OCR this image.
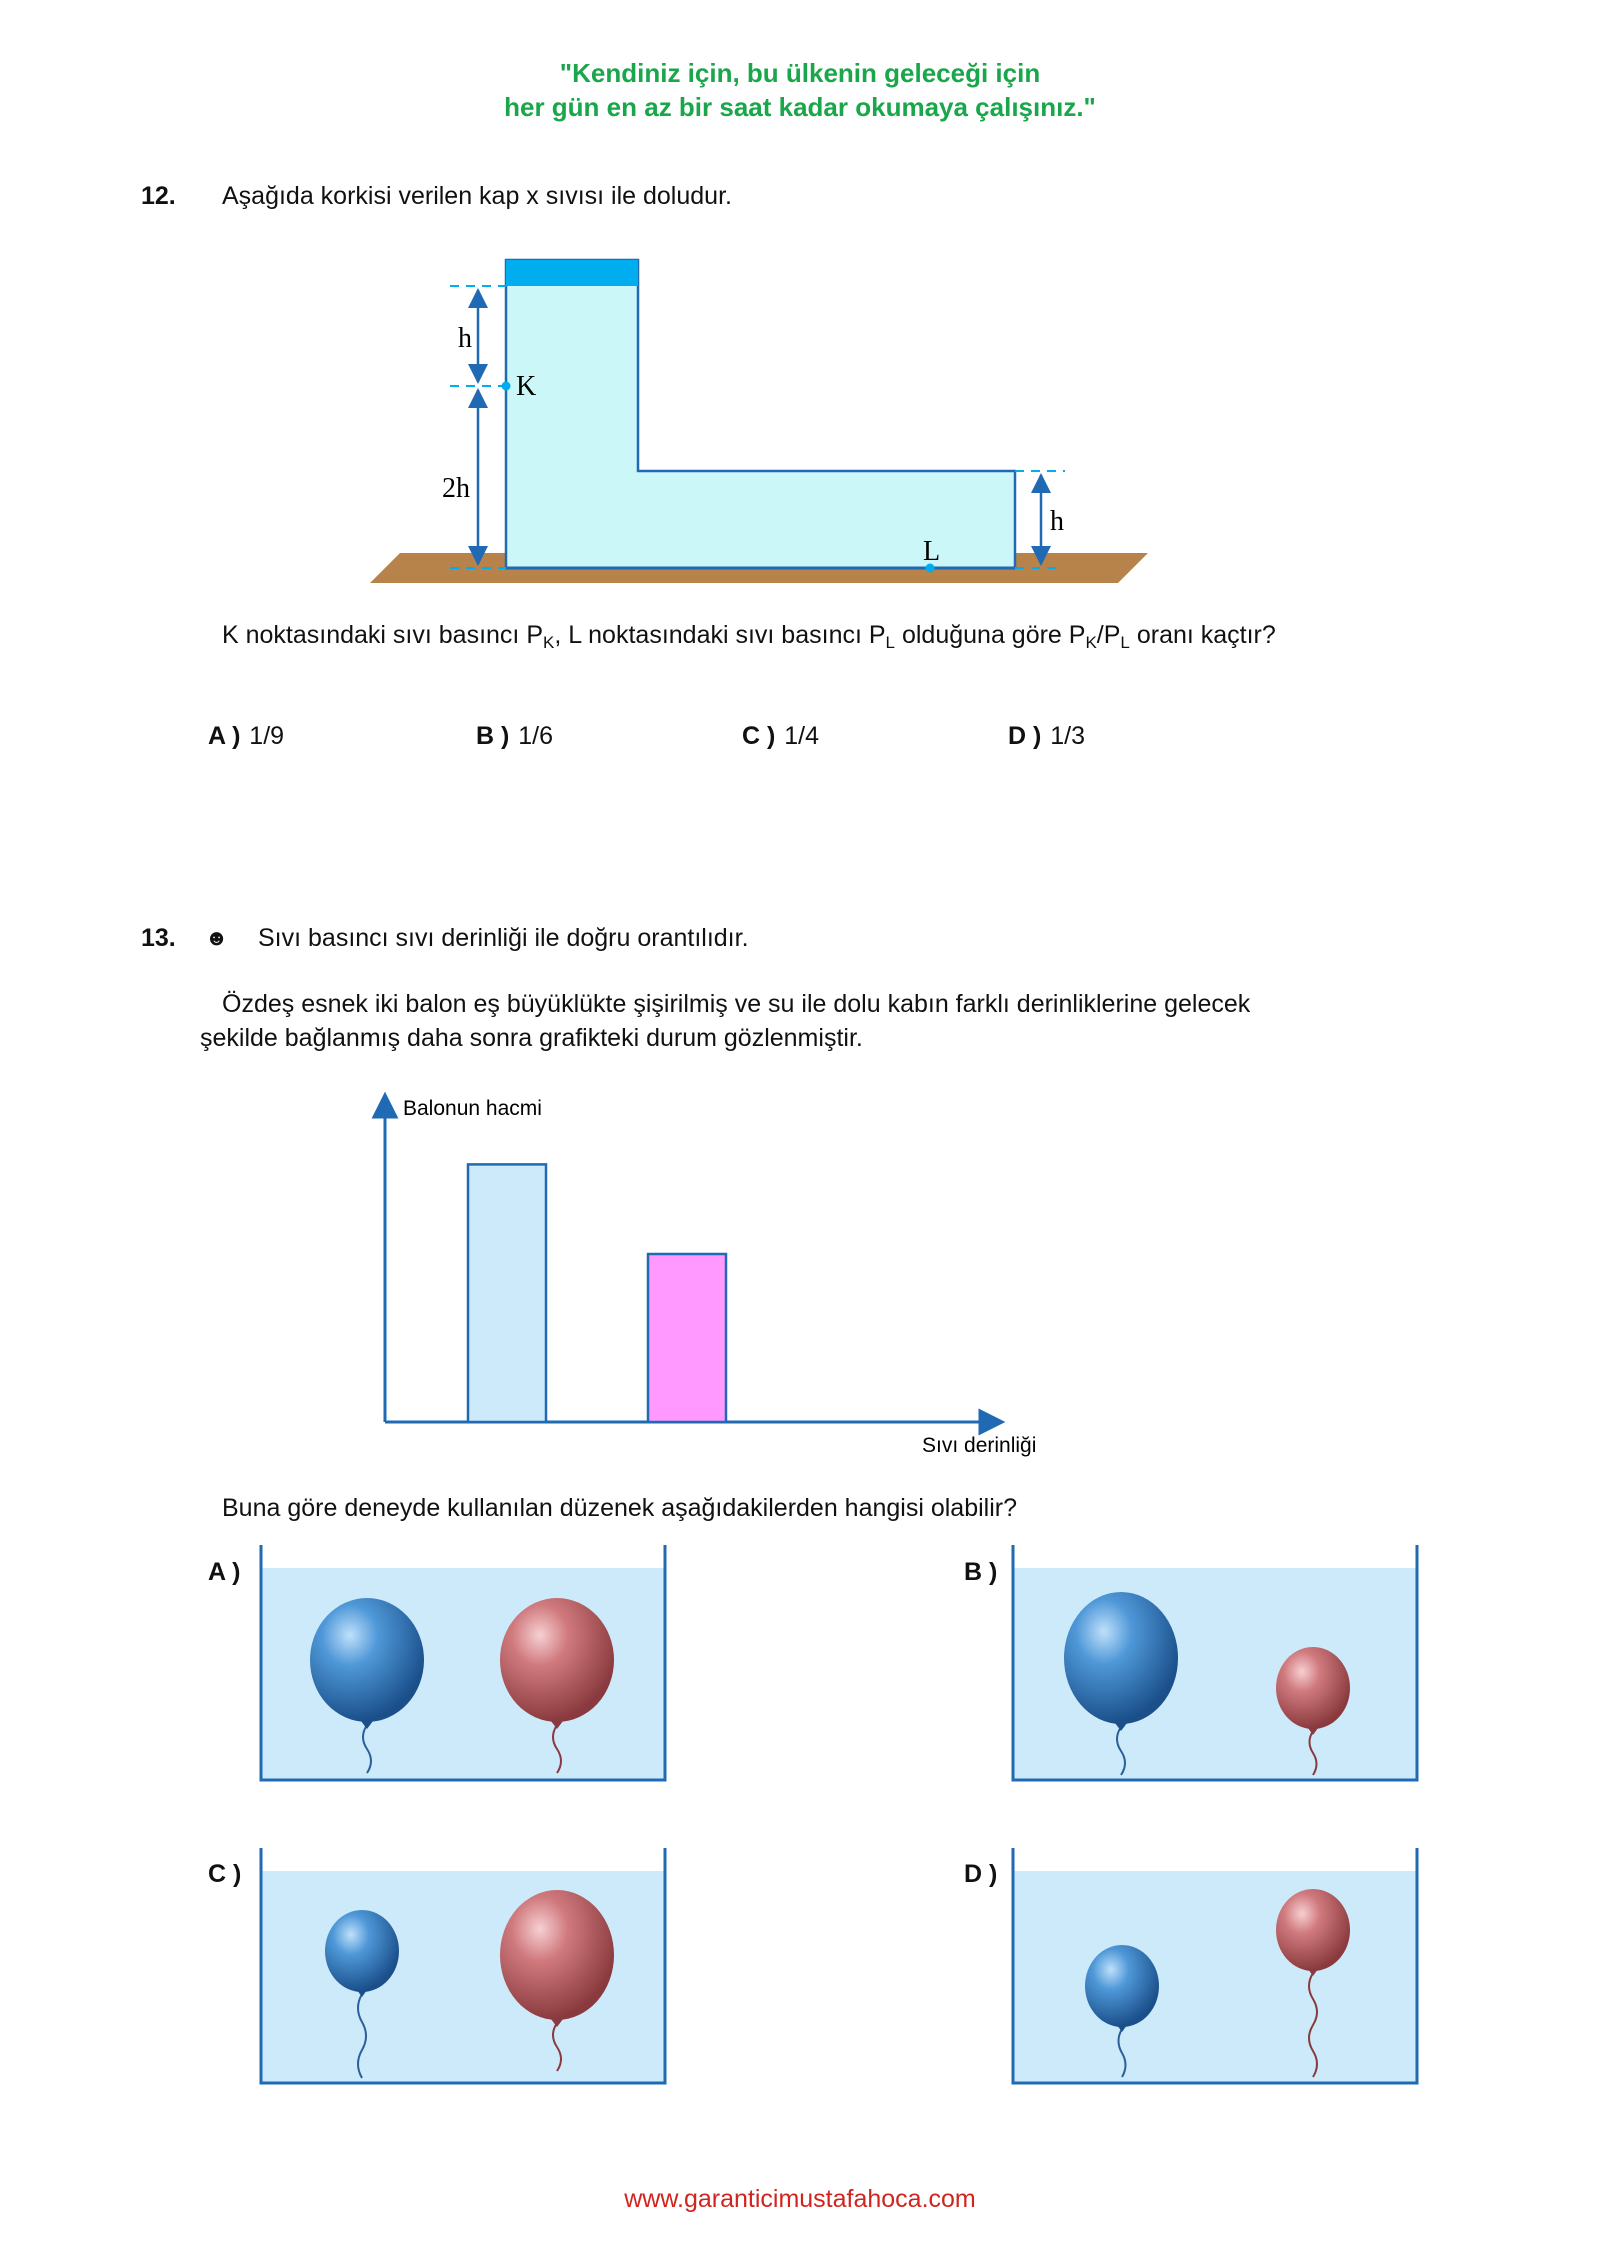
"Kendiniz için, bu ülkenin geleceği için
her gün en az bir saat kadar okumaya çalışınız."
12. Aşağıda korkisi verilen kap x sıvısı ile doludur.
h
K
2h
h
L
K noktasındaki sıvı basıncı $P_K$, L noktasındaki sıvı basıncı $P_L$ olduğuna göre $P_K/P_L$ oranı kaçtır?
A ) 1/9	B ) 1/6	C ) 1/4	D ) 1/3
13. ☻ Sıvı basıncı sıvı derinliği ile doğru orantılıdır.
Özdeş esnek iki balon eş büyüklükte şişirilmiş ve su ile dolu kabın farklı derinliklerine gelecek
şekilde bağlanmış daha sonra grafikteki durum gözlenmiştir.
Balonun hacmi
Sıvı derinliği
Buna göre deneyde kullanılan düzenek aşağıdakilerden hangisi olabilir?
A )	B )
C )	D )
www.garanticimustafahoca.com
